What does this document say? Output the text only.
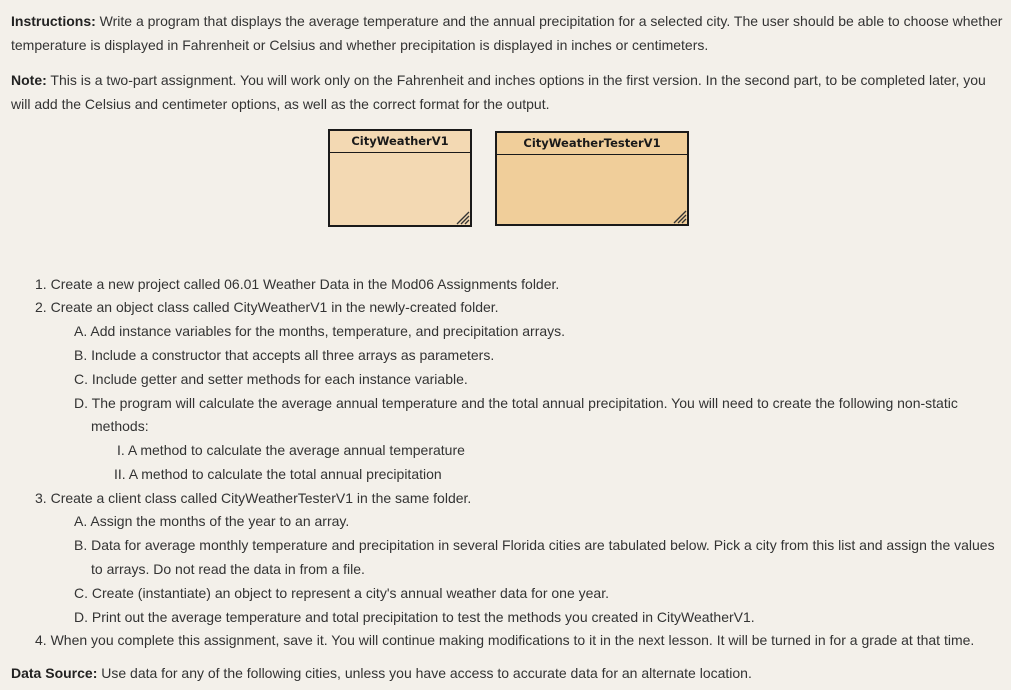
Instructions: Write a program that displays the average temperature and the annual precipitation for a selected city. The user should be able to choose whether temperature is displayed in Fahrenheit or Celsius and whether precipitation is displayed in inches or centimeters.

Note: This is a two-part assignment. You will work only on the Fahrenheit and inches options in the first version. In the second part, to be completed later, you will add the Celsius and centimeter options, as well as the correct format for the output.

CityWeatherV1	CityWeatherTesterV1

1. Create a new project called 06.01 Weather Data in the Mod06 Assignments folder.

2. Create an object class called CityWeatherV1 in the newly-created folder.

A. Add instance variables for the months, temperature, and precipitation arrays.

B. Include a constructor that accepts all three arrays as parameters.

C. Include getter and setter methods for each instance variable.

D. The program will calculate the average annual temperature and the total annual precipitation. You will need to create the following non-static

methods:

I. A method to calculate the average annual temperature

II. A method to calculate the total annual precipitation

3. Create a client class called CityWeatherTesterV1 in the same folder.

A. Assign the months of the year to an array.

B. Data for average monthly temperature and precipitation in several Florida cities are tabulated below. Pick a city from this list and assign the values

to arrays. Do not read the data in from a file.

C. Create (instantiate) an object to represent a city's annual weather data for one year.

D. Print out the average temperature and total precipitation to test the methods you created in CityWeatherV1.

4. When you complete this assignment, save it. You will continue making modifications to it in the next lesson. It will be turned in for a grade at that time.

Data Source: Use data for any of the following cities, unless you have access to accurate data for an alternate location.
